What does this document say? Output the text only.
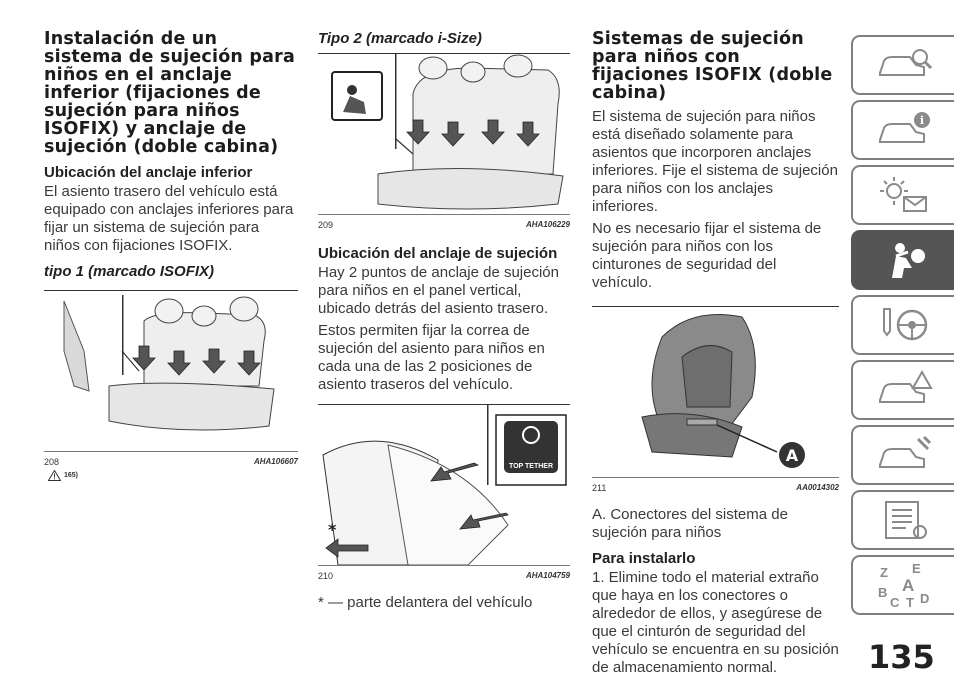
Instalación de un sistema de sujeción para niños en el anclaje inferior (fijaciones de sujeción para niños ISOFIX) y anclaje de sujeción (doble cabina)
Ubicación del anclaje inferior

El asiento trasero del vehículo está equipado con anclajes inferiores para fijar un sistema de sujeción para niños con fijaciones ISOFIX.

tipo 1 (marcado ISOFIX)
208	AHA106607
165)
Tipo 2 (marcado i-Size)
209	AHA106229
Ubicación del anclaje de sujeción

Hay 2 puntos de anclaje de sujeción para niños en el panel vertical, ubicado detrás del asiento trasero.

Estos permiten fijar la correa de sujeción del asiento para niños en cada una de las 2 posiciones de asiento traseros del vehículo.

TOP TETHER
*
210	AHA104759

* — parte delantera del vehículo

Sistemas de sujeción para niños con fijaciones ISOFIX (doble cabina)

El sistema de sujeción para niños está diseñado solamente para asientos que incorporen anclajes inferiores. Fije el sistema de sujeción para niños con los anclajes inferiores.

No es necesario fijar el sistema de sujeción para niños con los cinturones de seguridad del vehículo.

A
211	AA0014302

A. Conectores del sistema de sujeción para niños

Para instalarlo

1. Elimine todo el material extraño que haya en los conectores o alrededor de ellos, y asegúrese de que el cinturón de seguridad del vehículo se encuentra en su posición de almacenamiento normal.

i
Z E
A
B
C T D
135
